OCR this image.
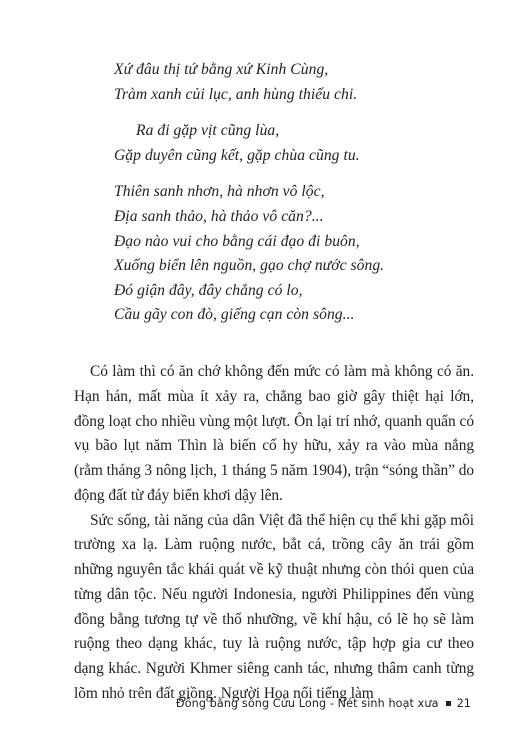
Xứ đâu thị tứ bằng xứ Kinh Cùng,
Tràm xanh củi lục, anh hùng thiếu chi.
Ra đi gặp vịt cũng lùa,
Gặp duyên cũng kết, gặp chùa cũng tu.
Thiên sanh nhơn, hà nhơn vô lộc,
Địa sanh thảo, hà thảo vô căn?...
Đạo nào vui cho bằng cái đạo đi buôn,
Xuống biển lên nguồn, gạo chợ nước sông.
Đó giận đây, đây chẳng có lo,
Cầu gãy con đò, giếng cạn còn sông...

Có làm thì có ăn chớ không đến mức có làm mà không có ăn. Hạn hán, mất mùa ít xảy ra, chẳng bao giờ gây thiệt hại lớn, đồng loạt cho nhiều vùng một lượt. Ôn lại trí nhớ, quanh quẩn có vụ bão lụt năm Thìn là biến cố hy hữu, xảy ra vào mùa nắng (rằm tháng 3 nông lịch, 1 tháng 5 năm 1904), trận “sóng thần” do động đất từ đáy biển khơi dậy lên.

Sức sống, tài năng của dân Việt đã thể hiện cụ thể khi gặp môi trường xa lạ. Làm ruộng nước, bắt cá, trồng cây ăn trái gồm những nguyên tắc khái quát về kỹ thuật nhưng còn thói quen của từng dân tộc. Nếu người Indonesia, người Philippines đến vùng đồng bằng tương tự về thổ nhưỡng, về khí hậu, có lẽ họ sẽ làm ruộng theo dạng khác, tuy là ruộng nước, tập hợp gia cư theo dạng khác. Người Khmer siêng canh tác, nhưng thâm canh từng lõm nhỏ trên đất giồng. Người Hoa nổi tiếng làm

Đồng bằng sông Cửu Long - Nét sinh hoạt xưa 21
